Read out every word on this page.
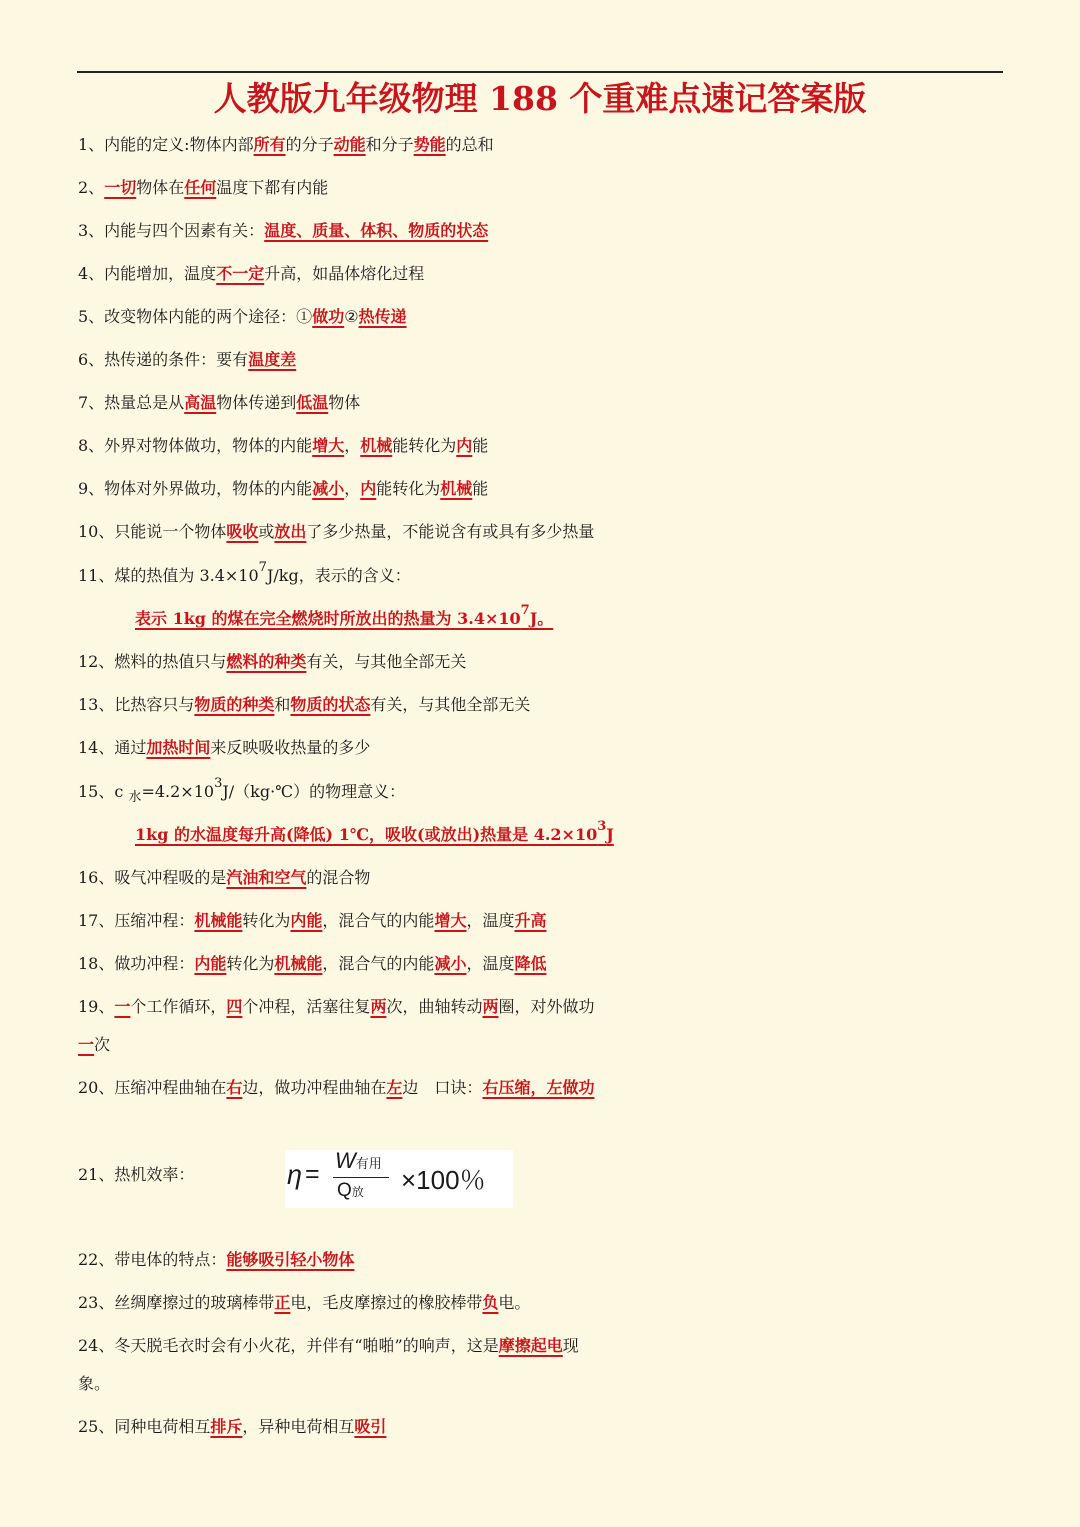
人教版九年级物理 188 个重难点速记答案版
1、内能的定义:物体内部所有的分子动能和分子势能的总和
2、一切物体在任何温度下都有内能
3、内能与四个因素有关：温度、质量、体积、物质的状态
4、内能增加，温度不一定升高，如晶体熔化过程
5、改变物体内能的两个途径：①做功②热传递
6、热传递的条件：要有温度差
7、热量总是从高温物体传递到低温物体
8、外界对物体做功，物体的内能增大，机械能转化为内能
9、物体对外界做功，物体的内能减小，内能转化为机械能
10、只能说一个物体吸收或放出了多少热量，不能说含有或具有多少热量
11、煤的热值为 $3.4\times 10^7J/kg$，表示的含义：
表示 1kg 的煤在完全燃烧时所放出的热量为 $3.4\times 10^7J$。
12、燃料的热值只与燃料的种类有关，与其他全部无关
13、比热容只与物质的种类和物质的状态有关，与其他全部无关
14、通过加热时间来反映吸收热量的多少
15、c $_水=4.2\times 10^3J/(kg\cdot℃)$的物理意义：
1kg 的水温度每升高(降低) 1℃，吸收(或放出)热量是 $4.2\times 10^3J$
16、吸气冲程吸的是汽油和空气的混合物
17、压缩冲程：机械能转化为内能，混合气的内能增大，温度升高
18、做功冲程：内能转化为机械能，混合气的内能减小，温度降低
19、一个工作循环，四个冲程，活塞往复两次，曲轴转动两圈，对外做功
一次
20、压缩冲程曲轴在右边，做功冲程曲轴在左边　口诀：右压缩，左做功
21、热机效率：	η = W有用
Q放 ×100％
22、带电体的特点：能够吸引轻小物体
23、丝绸摩擦过的玻璃棒带正电，毛皮摩擦过的橡胶棒带负电。
24、冬天脱毛衣时会有小火花，并伴有“啪啪”的响声，这是摩擦起电现
象。
25、同种电荷相互排斥，异种电荷相互吸引
